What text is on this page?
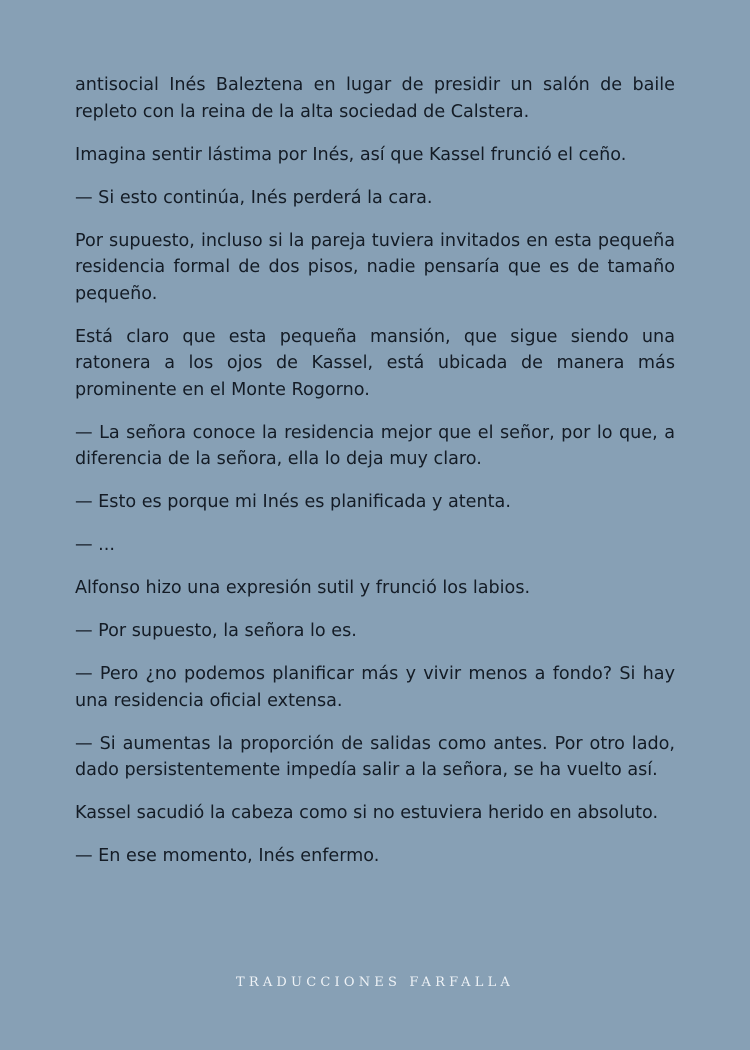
antisocial Inés Baleztena en lugar de presidir un salón de baile repleto con la reina de la alta sociedad de Calstera.

Imagina sentir lástima por Inés, así que Kassel frunció el ceño.

— Si esto continúa, Inés perderá la cara.

Por supuesto, incluso si la pareja tuviera invitados en esta pequeña residencia formal de dos pisos, nadie pensaría que es de tamaño pequeño.

Está claro que esta pequeña mansión, que sigue siendo una ratonera a los ojos de Kassel, está ubicada de manera más prominente en el Monte Rogorno.

— La señora conoce la residencia mejor que el señor, por lo que, a diferencia de la señora, ella lo deja muy claro.

— Esto es porque mi Inés es planificada y atenta.

— ...

Alfonso hizo una expresión sutil y frunció los labios.

— Por supuesto, la señora lo es.

— Pero ¿no podemos planificar más y vivir menos a fondo? Si hay una residencia oficial extensa.

— Si aumentas la proporción de salidas como antes. Por otro lado, dado persistentemente impedía salir a la señora, se ha vuelto así.

Kassel sacudió la cabeza como si no estuviera herido en absoluto.

— En ese momento, Inés enfermo.

TRADUCCIONES FARFALLA
